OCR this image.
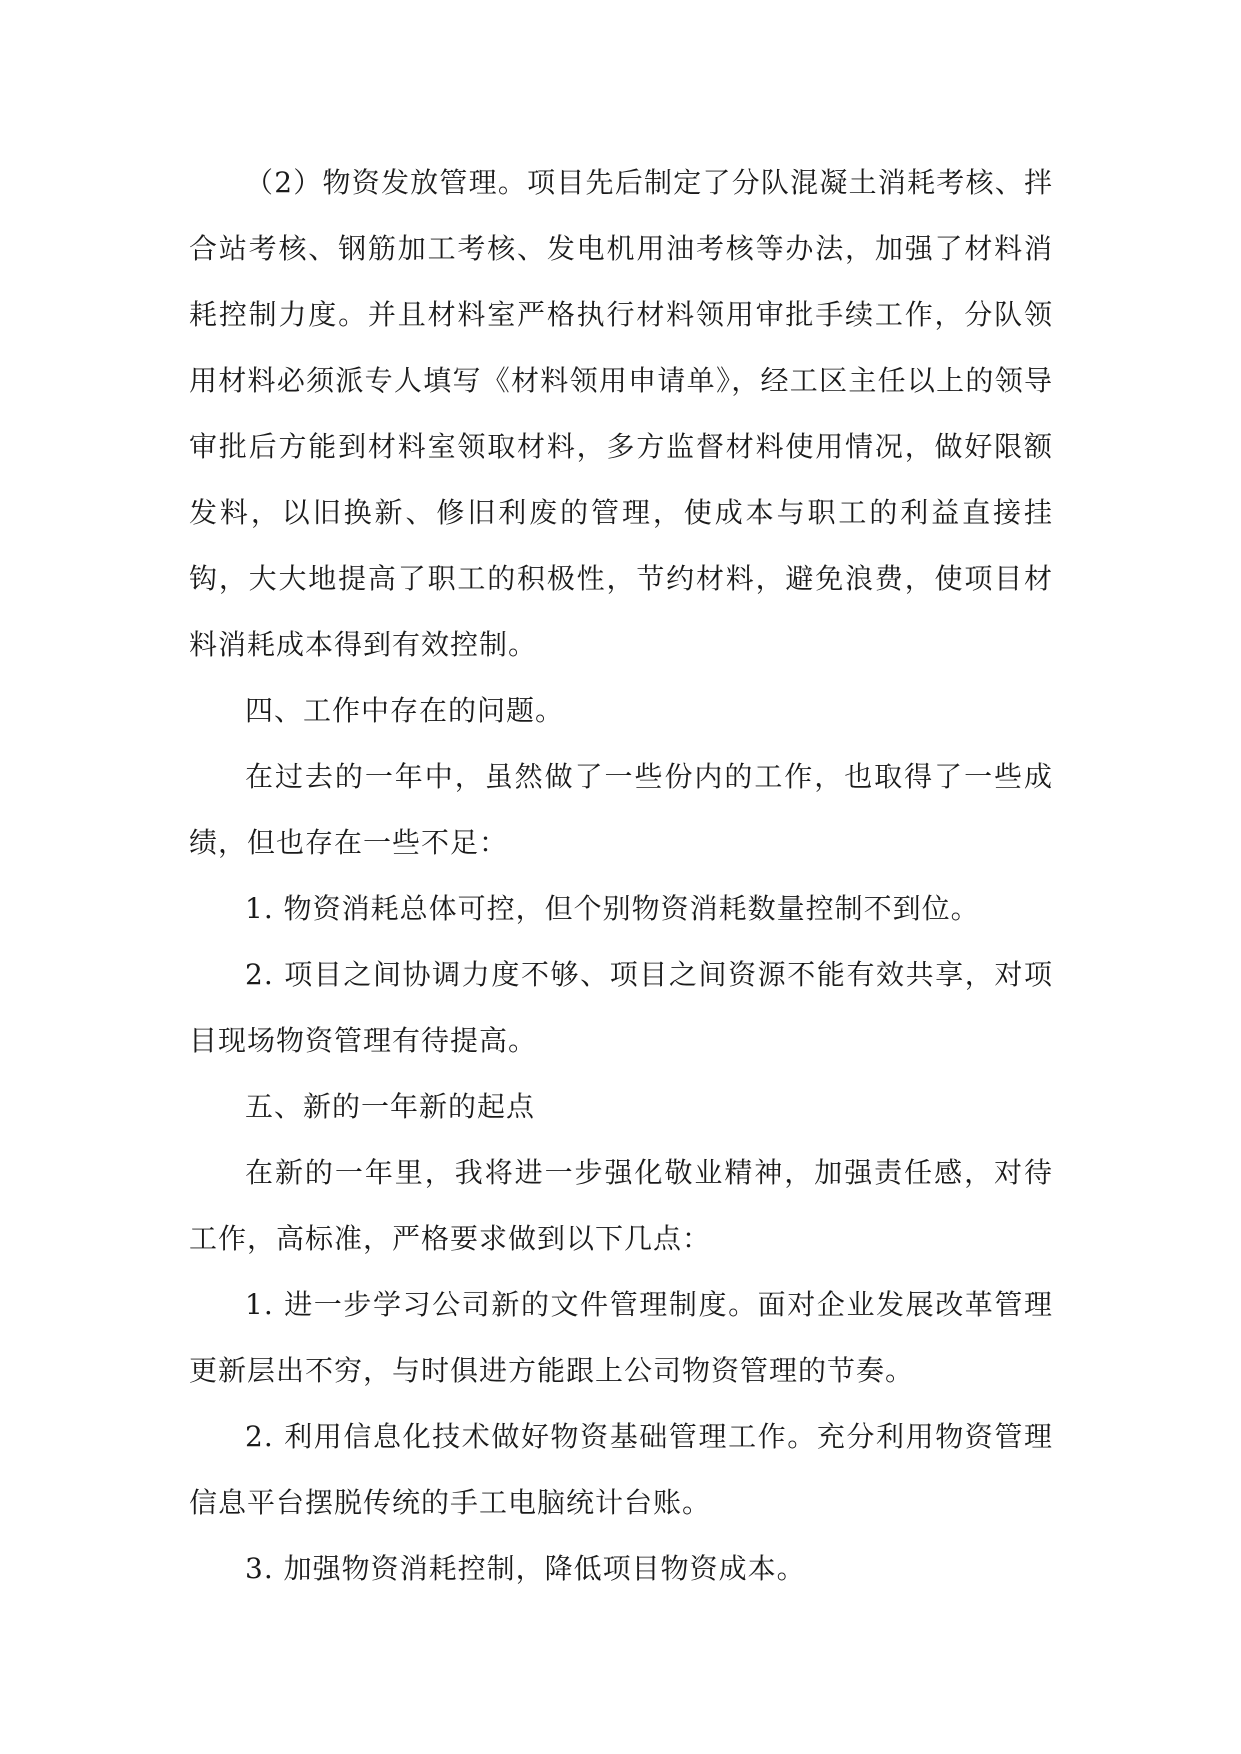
（2）物资发放管理。项目先后制定了分队混凝土消耗考核、拌合站考核、钢筋加工考核、发电机用油考核等办法，加强了材料消耗控制力度。并且材料室严格执行材料领用审批手续工作，分队领用材料必须派专人填写《材料领用申请单》，经工区主任以上的领导审批后方能到材料室领取材料，多方监督材料使用情况，做好限额发料，以旧换新、修旧利废的管理，使成本与职工的利益直接挂钩，大大地提高了职工的积极性，节约材料，避免浪费，使项目材料消耗成本得到有效控制。

四、工作中存在的问题。

在过去的一年中，虽然做了一些份内的工作，也取得了一些成绩，但也存在一些不足：

1. 物资消耗总体可控，但个别物资消耗数量控制不到位。

2. 项目之间协调力度不够、项目之间资源不能有效共享，对项目现场物资管理有待提高。

五、新的一年新的起点

在新的一年里，我将进一步强化敬业精神，加强责任感，对待工作，高标准，严格要求做到以下几点：

1. 进一步学习公司新的文件管理制度。面对企业发展改革管理更新层出不穷，与时俱进方能跟上公司物资管理的节奏。

2. 利用信息化技术做好物资基础管理工作。充分利用物资管理信息平台摆脱传统的手工电脑统计台账。

3. 加强物资消耗控制，降低项目物资成本。
